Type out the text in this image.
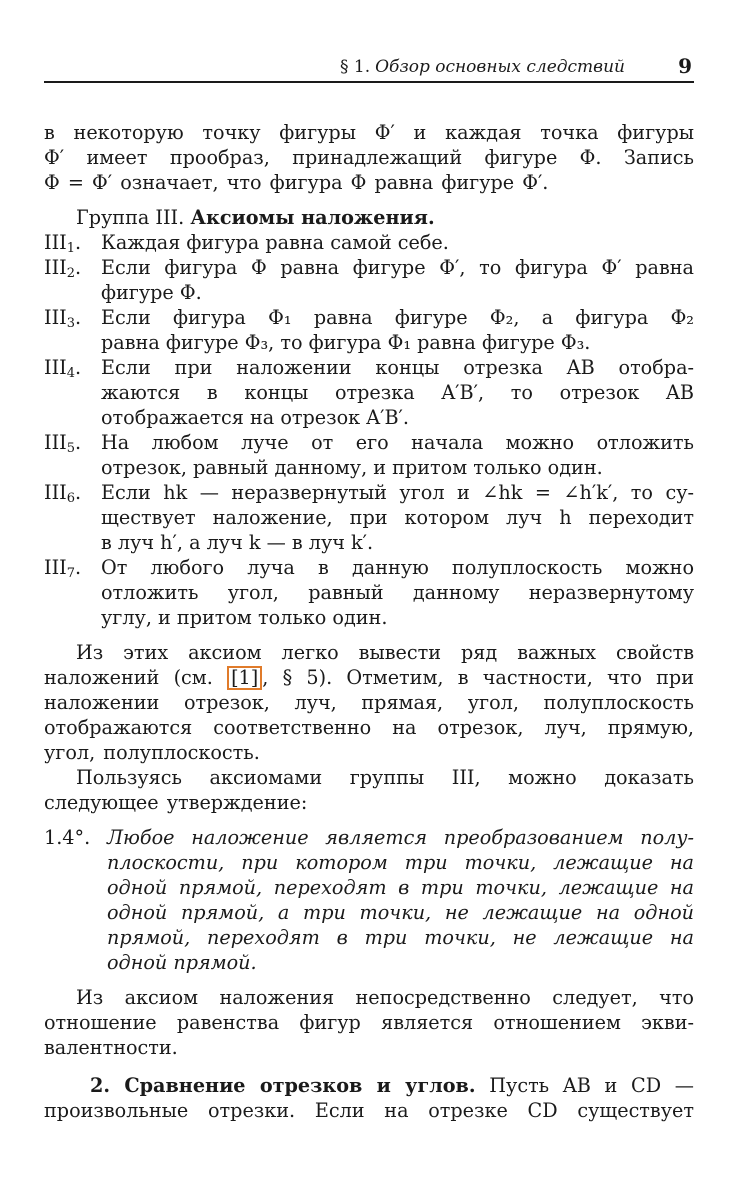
§ 1. Обзор основных следствий	9
в некоторую точку фигуры Φ′ и каждая точка фигуры
Φ′ имеет прообраз, принадлежащий фигуре Φ. Запись
Φ = Φ′ означает, что фигура Φ равна фигуре Φ′.
Группа III. Аксиомы наложения.
$III_1$.	Каждая фигура равна самой себе.
$III_2$.	Если фигура Φ равна фигуре Φ′, то фигура Φ′ равна
фигуре Φ.
$III_3$.	Если фигура Φ₁ равна фигуре Φ₂, а фигура Φ₂
равна фигуре Φ₃, то фигура Φ₁ равна фигуре Φ₃.
$III_4$.	Если при наложении концы отрезка AB отобра-
жаются в концы отрезка A′B′, то отрезок AB
отображается на отрезок A′B′.
$III_5$.	На любом луче от его начала можно отложить
отрезок, равный данному, и притом только один.
$III_6$.	Если hk — неразвернутый угол и ∠hk = ∠h′k′, то су-
ществует наложение, при котором луч h переходит
в луч h′, а луч k — в луч k′.
$III_7$.	От любого луча в данную полуплоскость можно
отложить угол, равный данному неразвернутому
углу, и притом только один.
Из этих аксиом легко вывести ряд важных свойств
наложений (см. [1] , § 5). Отметим, в частности, что при
наложении отрезок, луч, прямая, угол, полуплоскость
отображаются соответственно на отрезок, луч, прямую,
угол, полуплоскость.
Пользуясь аксиомами группы III, можно доказать
следующее утверждение:
1.4°. Любое наложение является преобразованием полу-
плоскости, при котором три точки, лежащие на
одной прямой, переходят в три точки, лежащие на
одной прямой, а три точки, не лежащие на одной
прямой, переходят в три точки, не лежащие на
одной прямой.
Из аксиом наложения непосредственно следует, что
отношение равенства фигур является отношением экви-
валентности.
2. Сравнение отрезков и углов. Пусть AB и CD —
произвольные отрезки. Если на отрезке CD существует
